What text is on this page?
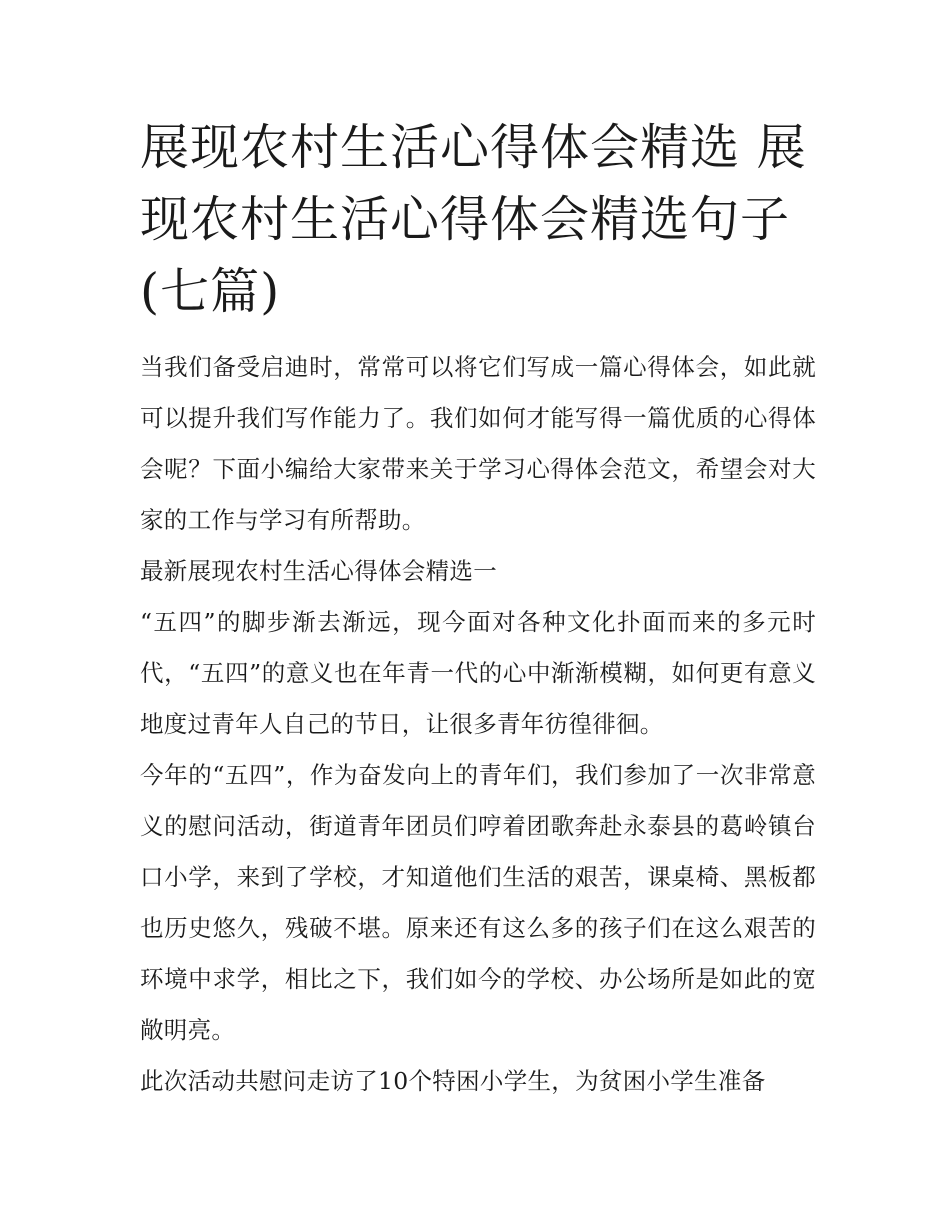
展现农村生活心得体会精选 展现农村生活心得体会精选句子(七篇)

当我们备受启迪时，常常可以将它们写成一篇心得体会，如此就可以提升我们写作能力了。我们如何才能写得一篇优质的心得体会呢？下面小编给大家带来关于学习心得体会范文，希望会对大家的工作与学习有所帮助。

最新展现农村生活心得体会精选一

“五四”的脚步渐去渐远，现今面对各种文化扑面而来的多元时代，“五四”的意义也在年青一代的心中渐渐模糊，如何更有意义地度过青年人自己的节日，让很多青年彷徨徘徊。

今年的“五四”，作为奋发向上的青年们，我们参加了一次非常意义的慰问活动，街道青年团员们哼着团歌奔赴永泰县的葛岭镇台口小学，来到了学校，才知道他们生活的艰苦，课桌椅、黑板都也历史悠久，残破不堪。原来还有这么多的孩子们在这么艰苦的环境中求学，相比之下，我们如今的学校、办公场所是如此的宽敞明亮。

此次活动共慰问走访了10个特困小学生，为贫困小学生准备
